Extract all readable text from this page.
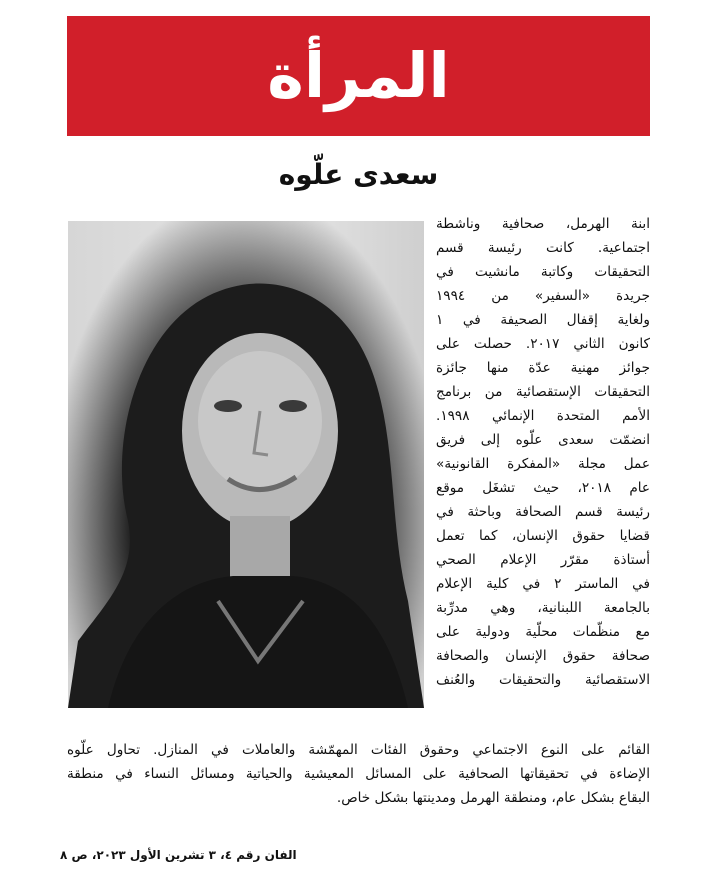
المرأة
سعدى علّوه
ابنة الهرمل، صحافية وناشطة
اجتماعية. كانت رئيسة قسم
التحقيقات وكاتبة مانشيت في
جريدة «السفير» من ١٩٩٤
ولغاية إقفال الصحيفة في ١
كانون الثاني ٢٠١٧. حصلت على
جوائز مهنية عدّة منها جائزة
التحقيقات الإستقصائية من برنامج
الأمم المتحدة الإنمائي ١٩٩٨.
انضمّت سعدى علّوه إلى فريق
عمل مجلة «المفكرة القانونية»
عام ٢٠١٨، حيث تشغَل موقع
رئيسة قسم الصحافة وباحثة في
قضايا حقوق الإنسان، كما تعمل
أستاذة مقرّر الإعلام الصحي
في الماستر ٢ في كلية الإعلام
بالجامعة اللبنانية، وهي مدرِّبة
مع منظّمات محلّية ودولية على
صحافة حقوق الإنسان والصحافة
الاستقصائية والتحقيقات والعُنف
القائم على النوع الاجتماعي وحقوق الفئات المهمّشة والعاملات في المنازل. تحاول علّوه
الإضاءة في تحقيقاتها الصحافية على المسائل المعيشية والحياتية ومسائل النساء في منطقة
البقاع بشكل عام، ومنطقة الهرمل ومدينتها بشكل خاص.
الفان رقم ٤، ٣ تشرين الأول ٢٠٢٣، ص ٨
